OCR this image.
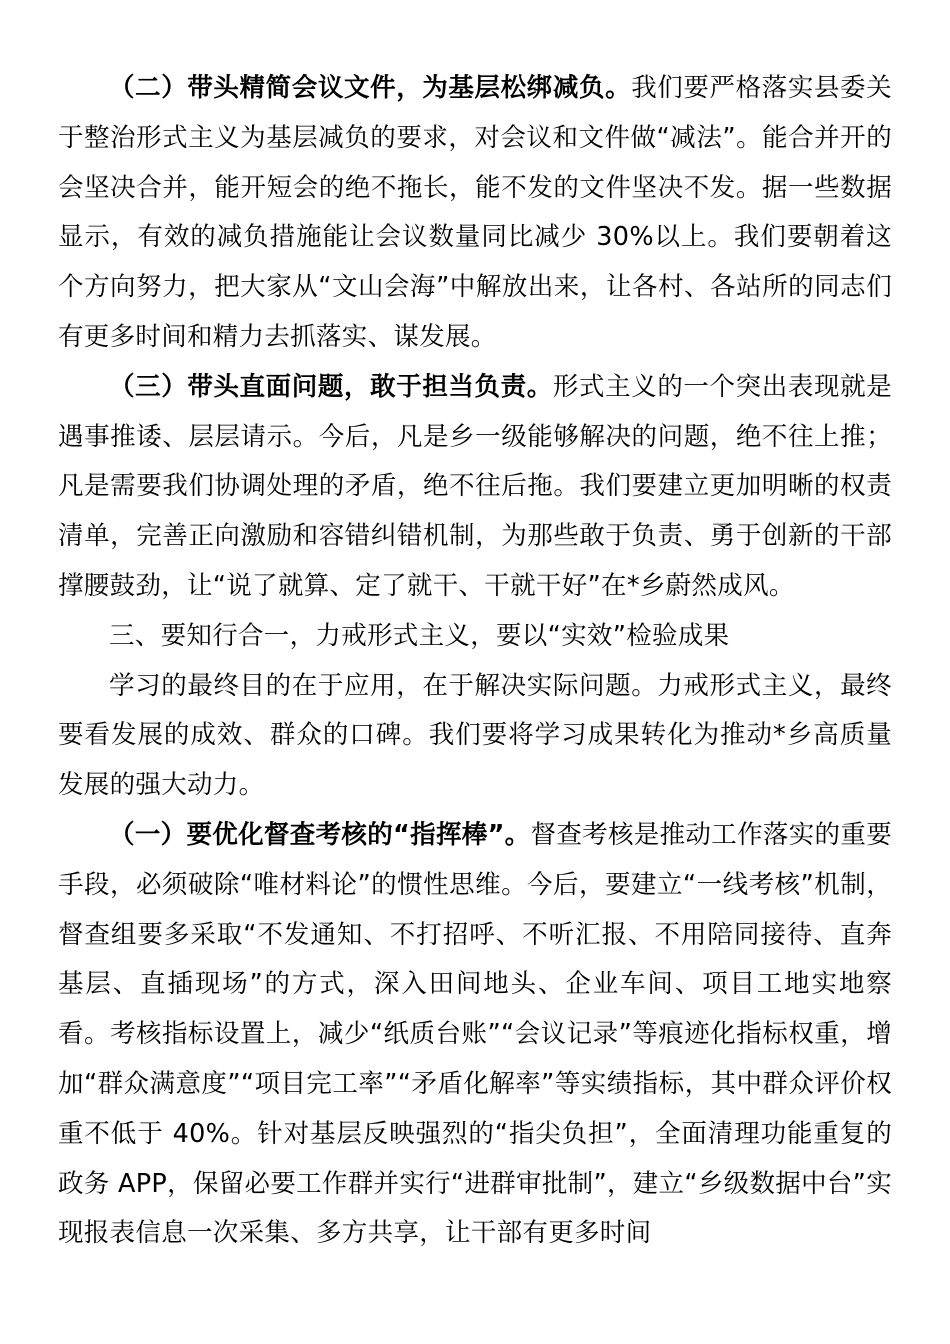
（二）带头精简会议文件，为基层松绑减负。我们要严格落实县委关于整治形式主义为基层减负的要求，对会议和文件做“减法”。能合并开的会坚决合并，能开短会的绝不拖长，能不发的文件坚决不发。据一些数据显示，有效的减负措施能让会议数量同比减少 30%以上。我们要朝着这个方向努力，把大家从“文山会海”中解放出来，让各村、各站所的同志们有更多时间和精力去抓落实、谋发展。

（三）带头直面问题，敢于担当负责。形式主义的一个突出表现就是遇事推诿、层层请示。今后，凡是乡一级能够解决的问题，绝不往上推；凡是需要我们协调处理的矛盾，绝不往后拖。我们要建立更加明晰的权责清单，完善正向激励和容错纠错机制，为那些敢于负责、勇于创新的干部撑腰鼓劲，让“说了就算、定了就干、干就干好”在*乡蔚然成风。

三、要知行合一，力戒形式主义，要以“实效”检验成果

学习的最终目的在于应用，在于解决实际问题。力戒形式主义，最终要看发展的成效、群众的口碑。我们要将学习成果转化为推动*乡高质量发展的强大动力。

（一）要优化督查考核的“指挥棒”。督查考核是推动工作落实的重要手段，必须破除“唯材料论”的惯性思维。今后，要建立“一线考核”机制，督查组要多采取“不发通知、不打招呼、不听汇报、不用陪同接待、直奔基层、直插现场”的方式，深入田间地头、企业车间、项目工地实地察看。考核指标设置上，减少“纸质台账”“会议记录”等痕迹化指标权重，增加“群众满意度”“项目完工率”“矛盾化解率”等实绩指标，其中群众评价权重不低于 40%。针对基层反映强烈的“指尖负担”，全面清理功能重复的政务 APP，保留必要工作群并实行“进群审批制”，建立“乡级数据中台”实现报表信息一次采集、多方共享，让干部有更多时间
